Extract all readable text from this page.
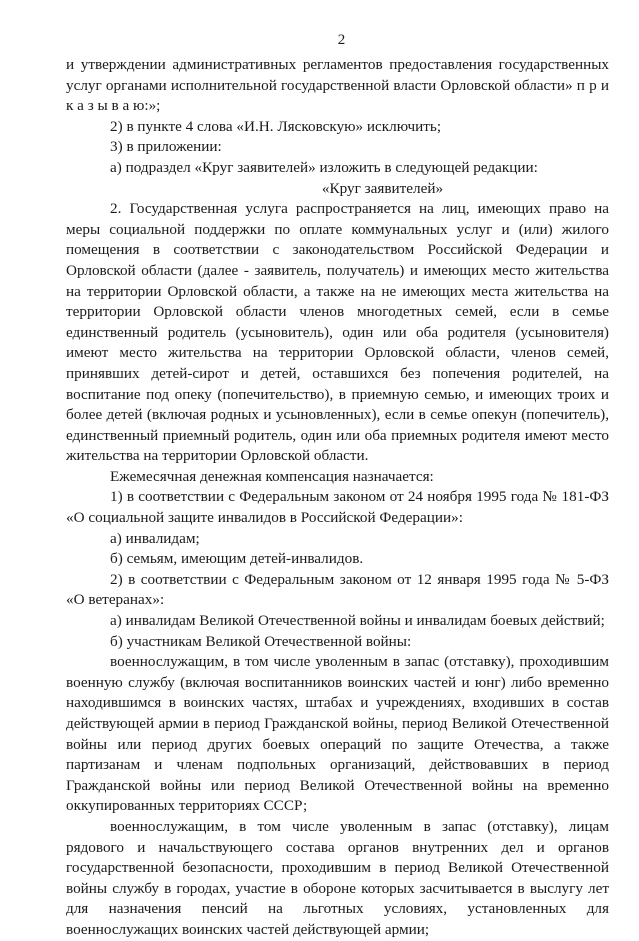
2

и утверждении административных регламентов предоставления государственных услуг органами исполнительной государственной власти Орловской области» п р и к а з ы в а ю:»;

2) в пункте 4 слова «И.Н. Лясковскую» исключить;

3) в приложении:

а) подраздел «Круг заявителей» изложить в следующей редакции:

«Круг заявителей»

2. Государственная услуга распространяется на лиц, имеющих право на меры социальной поддержки по оплате коммунальных услуг и (или) жилого помещения в соответствии с законодательством Российской Федерации и Орловской области (далее - заявитель, получатель) и имеющих место жительства на территории Орловской области, а также на не имеющих места жительства на территории Орловской области членов многодетных семей, если в семье единственный родитель (усыновитель), один или оба родителя (усыновителя) имеют место жительства на территории Орловской области, членов семей, принявших детей-сирот и детей, оставшихся без попечения родителей, на воспитание под опеку (попечительство), в приемную семью, и имеющих троих и более детей (включая родных и усыновленных), если в семье опекун (попечитель), единственный приемный родитель, один или оба приемных родителя имеют место жительства на территории Орловской области.

Ежемесячная денежная компенсация назначается:

1) в соответствии с Федеральным законом от 24 ноября 1995 года № 181-ФЗ «О социальной защите инвалидов в Российской Федерации»:

а) инвалидам;

б) семьям, имеющим детей-инвалидов.

2) в соответствии с Федеральным законом от 12 января 1995 года № 5-ФЗ «О ветеранах»:

а) инвалидам Великой Отечественной войны и инвалидам боевых действий;

б) участникам Великой Отечественной войны:

военнослужащим, в том числе уволенным в запас (отставку), проходившим военную службу (включая воспитанников воинских частей и юнг) либо временно находившимся в воинских частях, штабах и учреждениях, входивших в состав действующей армии в период Гражданской войны, период Великой Отечественной войны или период других боевых операций по защите Отечества, а также партизанам и членам подпольных организаций, действовавших в период Гражданской войны или период Великой Отечественной войны на временно оккупированных территориях СССР;

военнослужащим, в том числе уволенным в запас (отставку), лицам рядового и начальствующего состава органов внутренних дел и органов государственной безопасности, проходившим в период Великой Отечественной войны службу в городах, участие в обороне которых засчитывается в выслугу лет для назначения пенсий на льготных условиях, установленных для военнослужащих воинских частей действующей армии;
